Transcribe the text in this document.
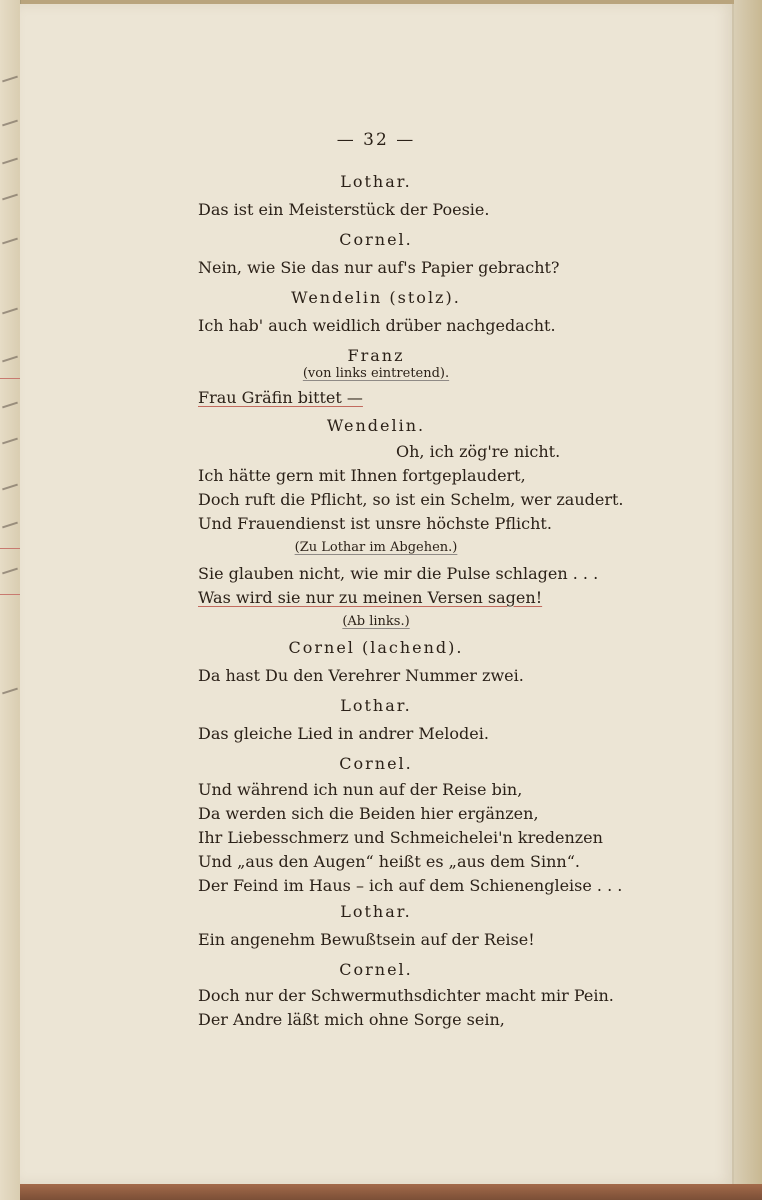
— 32 —
Lothar.
Das ist ein Meisterstück der Poesie.
Cornel.
Nein, wie Sie das nur auf's Papier gebracht?
Wendelin (stolz).
Ich hab' auch weidlich drüber nachgedacht.
Franz
(von links eintretend).
Frau Gräfin bittet —
Wendelin.
Oh, ich zög're nicht.
Ich hätte gern mit Ihnen fortgeplaudert,
Doch ruft die Pflicht, so ist ein Schelm, wer zaudert.
Und Frauendienst ist unsre höchste Pflicht.
(Zu Lothar im Abgehen.)
Sie glauben nicht, wie mir die Pulse schlagen . . .
Was wird sie nur zu meinen Versen sagen!
(Ab links.)
Cornel (lachend).
Da hast Du den Verehrer Nummer zwei.
Lothar.
Das gleiche Lied in andrer Melodei.
Cornel.
Und während ich nun auf der Reise bin,
Da werden sich die Beiden hier ergänzen,
Ihr Liebesschmerz und Schmeichelei'n kredenzen
Und „aus den Augen“ heißt es „aus dem Sinn“.
Der Feind im Haus – ich auf dem Schienengleise . . .
Lothar.
Ein angenehm Bewußtsein auf der Reise!
Cornel.
Doch nur der Schwermuthsdichter macht mir Pein.
Der Andre läßt mich ohne Sorge sein,
